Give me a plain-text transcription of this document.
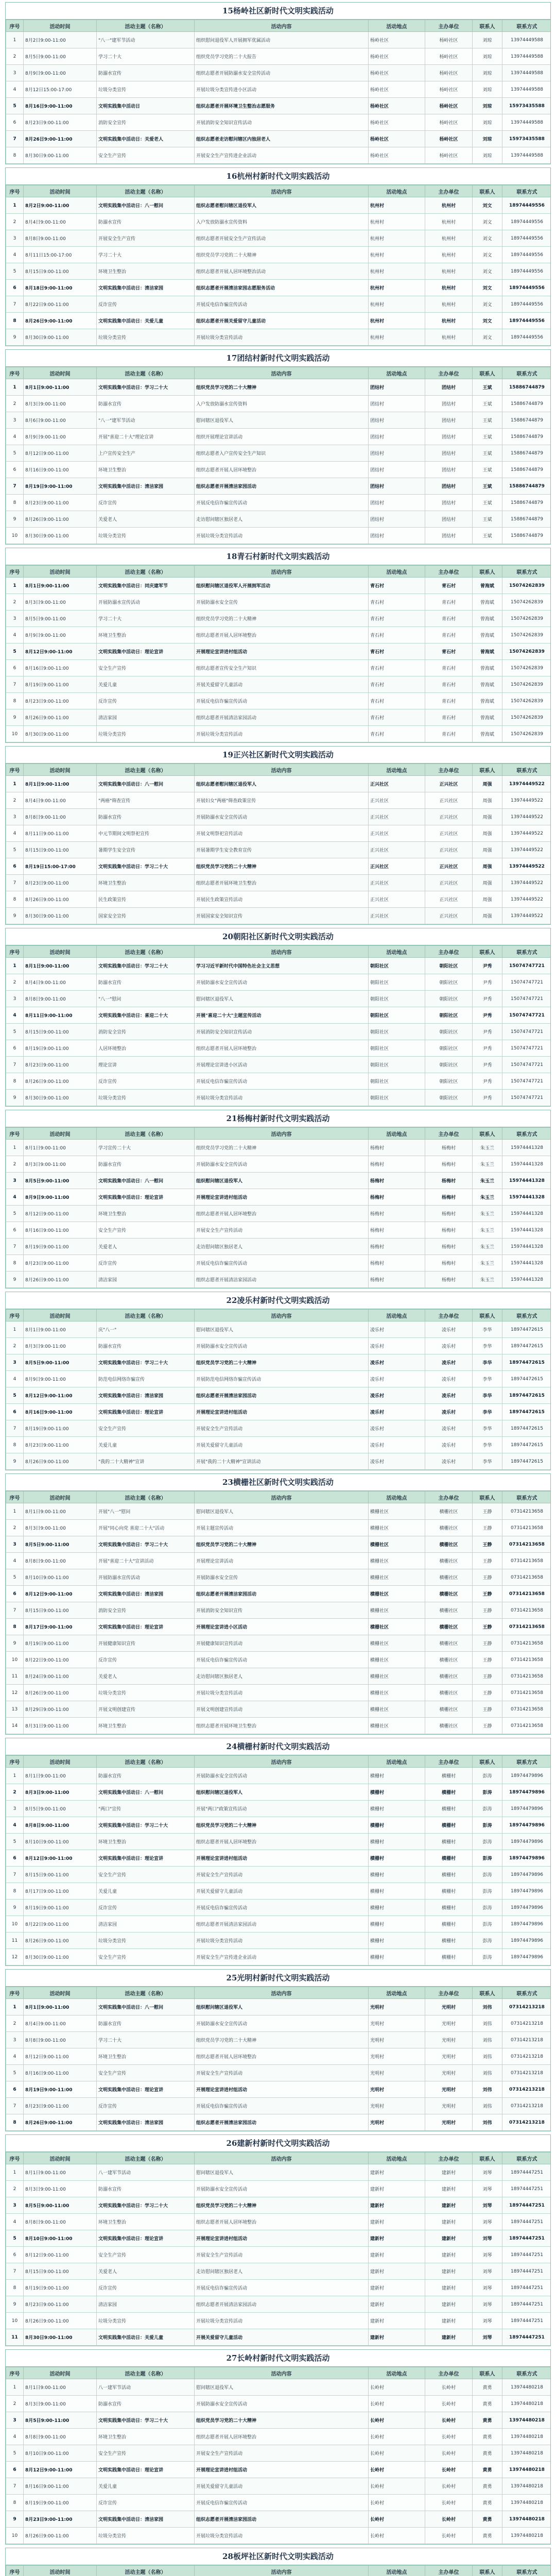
15杨岭社区新时代文明实践活动
序号	活动时间	活动主题（名称）	活动内容	活动地点	主办单位	联系人	联系方式
1	8月2日9:00-11:00	"八一"建军节活动	组织慰问退役军人开展拥军优属活动	杨岭社区	杨岭社区	刘琼	13974449588
2	8月5日9:00-11:00	学习二十大	组织党员学习党的二十大报告	杨岭社区	杨岭社区	刘琼	13974449588
3	8月9日9:00-11:00	防溺水宣传	组织志愿者开展防溺水安全宣传活动	杨岭社区	杨岭社区	刘琼	13974449588
4	8月12日15:00-17:00	垃圾分类宣传	开展垃圾分类宣传进小区活动	杨岭社区	杨岭社区	刘琼	13974449588
5	8月16日9:00-11:00	文明实践集中活动日	组织志愿者开展环境卫生整治志愿服务	杨岭社区	杨岭社区	刘琼	15973435588
6	8月23日9:00-11:00	消防安全宣传	开展消防安全知识宣传活动	杨岭社区	杨岭社区	刘琼	13974449588
7	8月26日9:00-11:00	文明实践集中活动日：关爱老人	组织志愿者走访慰问辖区内独居老人	杨岭社区	杨岭社区	刘琼	15973435588
8	8月30日9:00-11:00	安全生产宣传	开展安全生产宣传进企业活动	杨岭社区	杨岭社区	刘琼	13974449588
16杭州村新时代文明实践活动
序号	活动时间	活动主题（名称）	活动内容	活动地点	主办单位	联系人	联系方式
1	8月2日9:00-11:00	文明实践集中活动日：八一慰问	组织志愿者慰问辖区退役军人	杭州村	杭州村	刘文	18974449556
2	8月4日9:00-11:00	防溺水宣传	入户发放防溺水宣传资料	杭州村	杭州村	刘文	18974449556
3	8月8日9:00-11:00	开展安全生产宣传	组织志愿者开展安全生产宣传活动	杭州村	杭州村	刘文	18974449556
4	8月11日15:00-17:00	学习二十大	组织党员学习党的二十大精神	杭州村	杭州村	刘文	18974449556
5	8月15日9:00-11:00	环境卫生整治	组织志愿者开展人居环境整治活动	杭州村	杭州村	刘文	18974449556
6	8月18日9:00-11:00	文明实践集中活动日：清洁家园	组织志愿者开展清洁家园志愿服务活动	杭州村	杭州村	刘文	18974449556
7	8月22日9:00-11:00	反诈宣传	开展反电信诈骗宣传活动	杭州村	杭州村	刘文	18974449556
8	8月26日9:00-11:00	文明实践集中活动日：关爱儿童	组织志愿者开展关爱留守儿童活动	杭州村	杭州村	刘文	18974449556
9	8月30日9:00-11:00	垃圾分类宣传	开展垃圾分类宣传活动	杭州村	杭州村	刘文	18974449556
17团结村新时代文明实践活动
序号	活动时间	活动主题（名称）	活动内容	活动地点	主办单位	联系人	联系方式
1	8月1日9:00-11:00	文明实践集中活动日：学习二十大	组织党员学习党的二十大精神	团结村	团结村	王斌	15886744879
2	8月3日9:00-11:00	防溺水宣传	入户发放防溺水宣传资料	团结村	团结村	王斌	15886744879
3	8月6日9:00-11:00	"八一"建军节活动	慰问辖区退役军人	团结村	团结村	王斌	15886744879
4	8月9日9:00-11:00	开展"喜迎二十大"理论宣讲	组织开展理论宣讲活动	团结村	团结村	王斌	15886744879
5	8月12日9:00-11:00	上户宣传安全生产	组织志愿者入户宣传安全生产知识	团结村	团结村	王斌	15886744879
6	8月16日9:00-11:00	环境卫生整治	组织志愿者开展人居环境整治	团结村	团结村	王斌	15886744879
7	8月19日9:00-11:00	文明实践集中活动日：清洁家园	组织志愿者开展清洁家园活动	团结村	团结村	王斌	15886744879
8	8月23日9:00-11:00	反诈宣传	开展反电信诈骗宣传活动	团结村	团结村	王斌	15886744879
9	8月26日9:00-11:00	关爱老人	走访慰问辖区独居老人	团结村	团结村	王斌	15886744879
10	8月30日9:00-11:00	垃圾分类宣传	开展垃圾分类宣传活动	团结村	团结村	王斌	15886744879
18青石村新时代文明实践活动
序号	活动时间	活动主题（名称）	活动内容	活动地点	主办单位	联系人	联系方式
1	8月1日9:00-11:00	文明实践集中活动日：同庆建军节	组织慰问辖区退役军人开展拥军活动	青石村	青石村	曾海斌	15074262839
2	8月3日9:00-11:00	开展防溺水宣传活动	开展防溺水安全宣传	青石村	青石村	曾海斌	15074262839
3	8月5日9:00-11:00	学习二十大	组织党员学习党的二十大精神	青石村	青石村	曾海斌	15074262839
4	8月9日9:00-11:00	环境卫生整治	组织志愿者开展人居环境整治	青石村	青石村	曾海斌	15074262839
5	8月12日9:00-11:00	文明实践集中活动日：理论宣讲	开展理论宣讲进村组活动	青石村	青石村	曾海斌	15074262839
6	8月16日9:00-11:00	安全生产宣传	组织志愿者宣传安全生产知识	青石村	青石村	曾海斌	15074262839
7	8月19日9:00-11:00	关爱儿童	开展关爱留守儿童活动	青石村	青石村	曾海斌	15074262839
8	8月23日9:00-11:00	反诈宣传	开展反电信诈骗宣传活动	青石村	青石村	曾海斌	15074262839
9	8月26日9:00-11:00	清洁家园	组织志愿者开展清洁家园活动	青石村	青石村	曾海斌	15074262839
10	8月30日9:00-11:00	垃圾分类宣传	开展垃圾分类宣传活动	青石村	青石村	曾海斌	15074262839
19正兴社区新时代文明实践活动
序号	活动时间	活动主题（名称）	活动内容	活动地点	主办单位	联系人	联系方式
1	8月1日9:00-11:00	文明实践集中活动日：八一慰问	组织志愿者慰问辖区退役军人	正兴社区	正兴社区	周强	13974449522
2	8月4日9:00-11:00	"两癌"筛查宣传	开展妇女"两癌"筛查政策宣传	正兴社区	正兴社区	周强	13974449522
3	8月8日9:00-11:00	防溺水宣传	开展防溺水安全宣传活动	正兴社区	正兴社区	周强	13974449522
4	8月11日9:00-11:00	中元节期间文明祭祀宣传	开展文明祭祀宣传活动	正兴社区	正兴社区	周强	13974449522
5	8月15日9:00-11:00	暑期学生安全宣传	开展暑期学生安全教育宣传	正兴社区	正兴社区	周强	13974449522
6	8月19日15:00-17:00	文明实践集中活动日：学习二十大	组织党员学习党的二十大精神	正兴社区	正兴社区	周强	13974449522
7	8月23日9:00-11:00	环境卫生整治	组织志愿者开展环境卫生整治	正兴社区	正兴社区	周强	13974449522
8	8月26日9:00-11:00	民生政策宣传	开展民生政策宣传活动	正兴社区	正兴社区	周强	13974449522
9	8月30日9:00-11:00	国家安全宣传	开展国家安全知识宣传	正兴社区	正兴社区	周强	13974449522
20朝阳社区新时代文明实践活动
序号	活动时间	活动主题（名称）	活动内容	活动地点	主办单位	联系人	联系方式
1	8月1日9:00-11:00	文明实践集中活动日：学习二十大	学习习近平新时代中国特色社会主义思想	朝阳社区	朝阳社区	尹秀	15074747721
2	8月4日9:00-11:00	防溺水宣传	开展防溺水安全宣传活动	朝阳社区	朝阳社区	尹秀	15074747721
3	8月8日9:00-11:00	"八一"慰问	慰问辖区退役军人	朝阳社区	朝阳社区	尹秀	15074747721
4	8月11日9:00-11:00	文明实践集中活动日：喜迎二十大	开展"喜迎二十大"主题宣传活动	朝阳社区	朝阳社区	尹秀	15074747721
5	8月15日9:00-11:00	消防安全宣传	开展消防安全知识宣传活动	朝阳社区	朝阳社区	尹秀	15074747721
6	8月19日9:00-11:00	人居环境整治	组织志愿者开展人居环境整治	朝阳社区	朝阳社区	尹秀	15074747721
7	8月23日9:00-11:00	理论宣讲	开展理论宣讲进小区活动	朝阳社区	朝阳社区	尹秀	15074747721
8	8月26日9:00-11:00	反诈宣传	开展反电信诈骗宣传活动	朝阳社区	朝阳社区	尹秀	15074747721
9	8月30日9:00-11:00	垃圾分类宣传	开展垃圾分类宣传活动	朝阳社区	朝阳社区	尹秀	15074747721
21杨梅村新时代文明实践活动
序号	活动时间	活动主题（名称）	活动内容	活动地点	主办单位	联系人	联系方式
1	8月1日9:00-11:00	学习宣传二十大	组织党员学习党的二十大精神	杨梅村	杨梅村	朱玉兰	15974441328
2	8月3日9:00-11:00	防溺水宣传	开展防溺水安全宣传活动	杨梅村	杨梅村	朱玉兰	15974441328
3	8月5日9:00-11:00	文明实践集中活动日：八一慰问	组织慰问辖区退役军人	杨梅村	杨梅村	朱玉兰	15974441328
4	8月9日9:00-11:00	文明实践集中活动日：理论宣讲	开展理论宣讲进村组活动	杨梅村	杨梅村	朱玉兰	15974441328
5	8月12日9:00-11:00	环境卫生整治	组织志愿者开展人居环境整治	杨梅村	杨梅村	朱玉兰	15974441328
6	8月16日9:00-11:00	安全生产宣传	开展安全生产宣传活动	杨梅村	杨梅村	朱玉兰	15974441328
7	8月19日9:00-11:00	关爱老人	走访慰问辖区独居老人	杨梅村	杨梅村	朱玉兰	15974441328
8	8月23日9:00-11:00	反诈宣传	开展反电信诈骗宣传活动	杨梅村	杨梅村	朱玉兰	15974441328
9	8月26日9:00-11:00	清洁家园	组织志愿者开展清洁家园活动	杨梅村	杨梅村	朱玉兰	15974441328
22凌乐村新时代文明实践活动
序号	活动时间	活动主题（名称）	活动内容	活动地点	主办单位	联系人	联系方式
1	8月1日9:00-11:00	庆"八一"	慰问辖区退役军人	凌乐村	凌乐村	李华	18974472615
2	8月3日9:00-11:00	防溺水宣传	开展防溺水安全宣传活动	凌乐村	凌乐村	李华	18974472615
3	8月5日9:00-11:00	文明实践集中活动日：学习二十大	组织党员学习党的二十大精神	凌乐村	凌乐村	李华	18974472615
4	8月9日9:00-11:00	防范电信网络诈骗宣传	开展防范电信网络诈骗宣传活动	凌乐村	凌乐村	李华	18974472615
5	8月12日9:00-11:00	文明实践集中活动日：清洁家园	组织志愿者开展清洁家园活动	凌乐村	凌乐村	李华	18974472615
6	8月16日9:00-11:00	文明实践集中活动日：理论宣讲	开展理论宣讲进村组活动	凌乐村	凌乐村	李华	18974472615
7	8月19日9:00-11:00	安全生产宣传	开展安全生产宣传活动	凌乐村	凌乐村	李华	18974472615
8	8月23日9:00-11:00	关爱儿童	开展关爱留守儿童活动	凌乐村	凌乐村	李华	18974472615
9	8月26日9:00-11:00	"我的二十大精神"宣讲	开展"我的二十大精神"宣讲活动	凌乐村	凌乐村	李华	18974472615
23横栅社区新时代文明实践活动
序号	活动时间	活动主题（名称）	活动内容	活动地点	主办单位	联系人	联系方式
1	8月1日9:00-11:00	开展"八一"慰问	慰问辖区退役军人	横栅社区	横栅社区	王静	07314213658
2	8月3日9:00-11:00	开展"同心向党 喜迎二十大"活动	开展主题宣传活动	横栅社区	横栅社区	王静	07314213658
3	8月5日9:00-11:00	文明实践集中活动日：学习二十大	组织党员学习党的二十大精神	横栅社区	横栅社区	王静	07314213658
4	8月8日9:00-11:00	开展"喜迎二十大"宣讲活动	开展理论宣讲活动	横栅社区	横栅社区	王静	07314213658
5	8月10日9:00-11:00	开展防溺水宣传活动	开展防溺水安全宣传	横栅社区	横栅社区	王静	07314213658
6	8月12日9:00-11:00	文明实践集中活动日：清洁家园	组织志愿者开展清洁家园活动	横栅社区	横栅社区	王静	07314213658
7	8月15日9:00-11:00	消防安全宣传	开展消防安全知识宣传	横栅社区	横栅社区	王静	07314213658
8	8月17日9:00-11:00	文明实践集中活动日：理论宣讲	开展理论宣讲进小区活动	横栅社区	横栅社区	王静	07314213658
9	8月19日9:00-11:00	开展健康知识宣传	开展健康知识宣传活动	横栅社区	横栅社区	王静	07314213658
10	8月22日9:00-11:00	反诈宣传	开展反电信诈骗宣传活动	横栅社区	横栅社区	王静	07314213658
11	8月24日9:00-11:00	关爱老人	走访慰问辖区独居老人	横栅社区	横栅社区	王静	07314213658
12	8月26日9:00-11:00	垃圾分类宣传	开展垃圾分类宣传活动	横栅社区	横栅社区	王静	07314213658
13	8月29日9:00-11:00	开展文明创建宣传	开展文明创建宣传活动	横栅社区	横栅社区	王静	07314213658
14	8月31日9:00-11:00	环境卫生整治	组织志愿者开展环境卫生整治	横栅社区	横栅社区	王静	07314213658
24横栅村新时代文明实践活动
序号	活动时间	活动主题（名称）	活动内容	活动地点	主办单位	联系人	联系方式
1	8月1日9:00-11:00	防溺水宣传	开展防溺水安全宣传活动	横栅村	横栅村	彭涛	18974479896
2	8月3日9:00-11:00	文明实践集中活动日：八一慰问	组织慰问辖区退役军人	横栅村	横栅村	彭涛	18974479896
3	8月5日9:00-11:00	"两口"宣传	开展"两口"政策宣传活动	横栅村	横栅村	彭涛	18974479896
4	8月8日9:00-11:00	文明实践集中活动日：学习二十大	组织党员学习党的二十大精神	横栅村	横栅村	彭涛	18974479896
5	8月10日9:00-11:00	环境卫生整治	组织志愿者开展人居环境整治	横栅村	横栅村	彭涛	18974479896
6	8月12日9:00-11:00	文明实践集中活动日：理论宣讲	开展理论宣讲进村组活动	横栅村	横栅村	彭涛	18974479896
7	8月15日9:00-11:00	安全生产宣传	开展安全生产宣传活动	横栅村	横栅村	彭涛	18974479896
8	8月17日9:00-11:00	关爱儿童	开展关爱留守儿童活动	横栅村	横栅村	彭涛	18974479896
9	8月19日9:00-11:00	反诈宣传	开展反电信诈骗宣传活动	横栅村	横栅村	彭涛	18974479896
10	8月22日9:00-11:00	清洁家园	组织志愿者开展清洁家园活动	横栅村	横栅村	彭涛	18974479896
11	8月26日9:00-11:00	垃圾分类宣传	开展垃圾分类宣传活动	横栅村	横栅村	彭涛	18974479896
12	8月30日9:00-11:00	安全生产宣传	开展安全生产宣传进企业活动	横栅村	横栅村	彭涛	18974479896
25光明村新时代文明实践活动
序号	活动时间	活动主题（名称）	活动内容	活动地点	主办单位	联系人	联系方式
1	8月1日9:00-11:00	文明实践集中活动日：八一慰问	组织慰问辖区退役军人	光明村	光明村	刘伟	07314213218
2	8月4日9:00-11:00	防溺水宣传	开展防溺水安全宣传活动	光明村	光明村	刘伟	07314213218
3	8月8日9:00-11:00	学习二十大	组织党员学习党的二十大精神	光明村	光明村	刘伟	07314213218
4	8月12日9:00-11:00	环境卫生整治	组织志愿者开展人居环境整治	光明村	光明村	刘伟	07314213218
5	8月16日9:00-11:00	安全生产宣传	开展安全生产宣传活动	光明村	光明村	刘伟	07314213218
6	8月19日9:00-11:00	文明实践集中活动日：理论宣讲	开展理论宣讲进村组活动	光明村	光明村	刘伟	07314213218
7	8月23日9:00-11:00	反诈宣传	开展反电信诈骗宣传活动	光明村	光明村	刘伟	07314213218
8	8月26日9:00-11:00	文明实践集中活动日：清洁家园	组织志愿者开展清洁家园活动	光明村	光明村	刘伟	07314213218
26建新村新时代文明实践活动
序号	活动时间	活动主题（名称）	活动内容	活动地点	主办单位	联系人	联系方式
1	8月1日9:00-11:00	八一建军节活动	慰问辖区退役军人	建新村	建新村	刘琴	18974447251
2	8月3日9:00-11:00	防溺水宣传	开展防溺水安全宣传活动	建新村	建新村	刘琴	18974447251
3	8月5日9:00-11:00	文明实践集中活动日：学习二十大	组织党员学习党的二十大精神	建新村	建新村	刘琴	18974447251
4	8月8日9:00-11:00	环境卫生整治	组织志愿者开展人居环境整治	建新村	建新村	刘琴	18974447251
5	8月10日9:00-11:00	文明实践集中活动日：理论宣讲	开展理论宣讲进村组活动	建新村	建新村	刘琴	18974447251
6	8月12日9:00-11:00	安全生产宣传	开展安全生产宣传活动	建新村	建新村	刘琴	18974447251
7	8月15日9:00-11:00	关爱老人	走访慰问辖区独居老人	建新村	建新村	刘琴	18974447251
8	8月19日9:00-11:00	反诈宣传	开展反电信诈骗宣传活动	建新村	建新村	刘琴	18974447251
9	8月23日9:00-11:00	清洁家园	组织志愿者开展清洁家园活动	建新村	建新村	刘琴	18974447251
10	8月26日9:00-11:00	垃圾分类宣传	开展垃圾分类宣传活动	建新村	建新村	刘琴	18974447251
11	8月30日9:00-11:00	文明实践集中活动日：关爱儿童	开展关爱留守儿童活动	建新村	建新村	刘琴	18974447251
27长岭村新时代文明实践活动
序号	活动时间	活动主题（名称）	活动内容	活动地点	主办单位	联系人	联系方式
1	8月1日9:00-11:00	八一建军节活动	慰问辖区退役军人	长岭村	长岭村	黄勇	13974480218
2	8月3日9:00-11:00	防溺水宣传	开展防溺水安全宣传活动	长岭村	长岭村	黄勇	13974480218
3	8月5日9:00-11:00	文明实践集中活动日：学习二十大	组织党员学习党的二十大精神	长岭村	长岭村	黄勇	13974480218
4	8月8日9:00-11:00	环境卫生整治	组织志愿者开展人居环境整治	长岭村	长岭村	黄勇	13974480218
5	8月10日9:00-11:00	安全生产宣传	开展安全生产宣传活动	长岭村	长岭村	黄勇	13974480218
6	8月12日9:00-11:00	文明实践集中活动日：理论宣讲	开展理论宣讲进村组活动	长岭村	长岭村	黄勇	13974480218
7	8月16日9:00-11:00	关爱儿童	开展关爱留守儿童活动	长岭村	长岭村	黄勇	13974480218
8	8月19日9:00-11:00	反诈宣传	开展反电信诈骗宣传活动	长岭村	长岭村	黄勇	13974480218
9	8月23日9:00-11:00	文明实践集中活动日：清洁家园	组织志愿者开展清洁家园活动	长岭村	长岭村	黄勇	13974480218
10	8月26日9:00-11:00	垃圾分类宣传	开展垃圾分类宣传活动	长岭村	长岭村	黄勇	13974480218
28板坪社区新时代文明实践活动
序号	活动时间	活动主题（名称）	活动内容	活动地点	主办单位	联系人	联系方式
